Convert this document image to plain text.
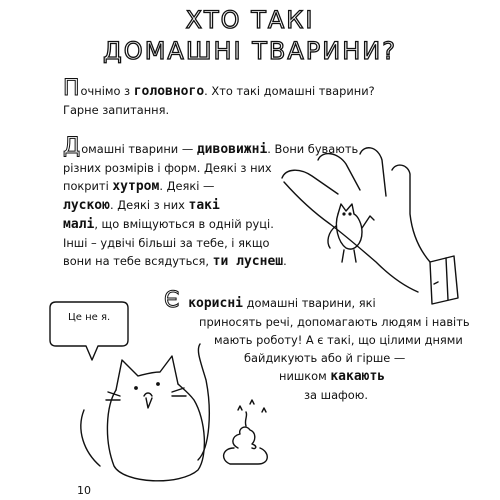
ХТО ТАКІ
ДОМАШНІ ТВАРИНИ?
Почнімо з головного. Хто такі домашні тварини?
Гарне запитання.
Домашні тварини — дивовижні. Вони бувають
різних розмірів і форм. Деякі з них
покриті хутром. Деякі —
лускою. Деякі з них такі
малі, що вміщуються в одній руці.
Інші – удвічі більші за тебе, і якщо
вони на тебе всядуться, ти луснеш.
Є корисні домашні тварини, які
приносять речі, допомагають людям і навіть
мають роботу! А є такі, що цілими днями
байдикують або й гірше —
нишком какають
за шафою.
Це не я.
10
